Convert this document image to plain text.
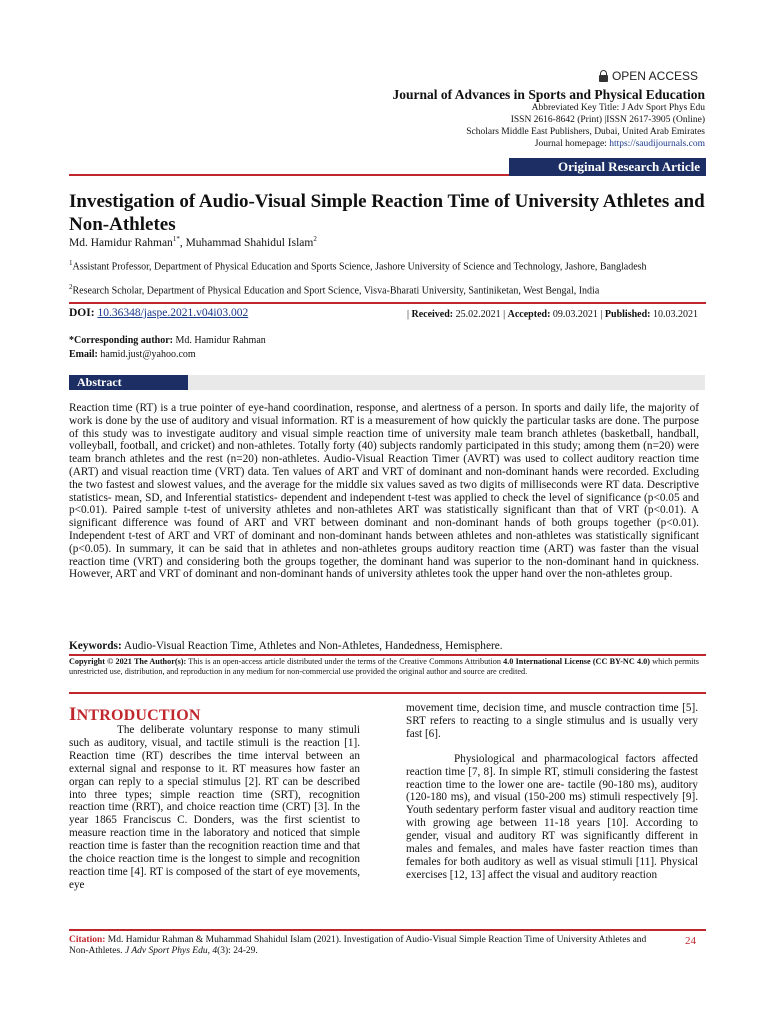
OPEN ACCESS
Journal of Advances in Sports and Physical Education
Abbreviated Key Title: J Adv Sport Phys Edu
ISSN 2616-8642 (Print) |ISSN 2617-3905 (Online)
Scholars Middle East Publishers, Dubai, United Arab Emirates
Journal homepage: https://saudijournals.com
Original Research Article
Investigation of Audio-Visual Simple Reaction Time of University Athletes and Non-Athletes
Md. Hamidur Rahman$^{1*}$, Muhammad Shahidul Islam$^2$
$^1$Assistant Professor, Department of Physical Education and Sports Science, Jashore University of Science and Technology, Jashore, Bangladesh
$^2$Research Scholar, Department of Physical Education and Sport Science, Visva-Bharati University, Santiniketan, West Bengal, India
DOI: 10.36348/jaspe.2021.v04i03.002	| Received: 25.02.2021 | Accepted: 09.03.2021 | Published: 10.03.2021
*Corresponding author: Md. Hamidur Rahman
Email: hamid.just@yahoo.com
Abstract
Reaction time (RT) is a true pointer of eye-hand coordination, response, and alertness of a person. In sports and daily life, the majority of work is done by the use of auditory and visual information. RT is a measurement of how quickly the particular tasks are done. The purpose of this study was to investigate auditory and visual simple reaction time of university male team branch athletes (basketball, handball, volleyball, football, and cricket) and non-athletes. Totally forty (40) subjects randomly participated in this study; among them (n=20) were team branch athletes and the rest (n=20) non-athletes. Audio-Visual Reaction Timer (AVRT) was used to collect auditory reaction time (ART) and visual reaction time (VRT) data. Ten values of ART and VRT of dominant and non-dominant hands were recorded. Excluding the two fastest and slowest values, and the average for the middle six values saved as two digits of milliseconds were RT data. Descriptive statistics- mean, SD, and Inferential statistics- dependent and independent t-test was applied to check the level of significance (p<0.05 and p<0.01). Paired sample t-test of university athletes and non-athletes ART was statistically significant than that of VRT (p<0.01). A significant difference was found of ART and VRT between dominant and non-dominant hands of both groups together (p<0.01). Independent t-test of ART and VRT of dominant and non-dominant hands between athletes and non-athletes was statistically significant (p<0.05). In summary, it can be said that in athletes and non-athletes groups auditory reaction time (ART) was faster than the visual reaction time (VRT) and considering both the groups together, the dominant hand was superior to the non-dominant hand in quickness. However, ART and VRT of dominant and non-dominant hands of university athletes took the upper hand over the non-athletes group.
Keywords: Audio-Visual Reaction Time, Athletes and Non-Athletes, Handedness, Hemisphere.
Copyright © 2021 The Author(s): This is an open-access article distributed under the terms of the Creative Commons Attribution 4.0 International License (CC BY-NC 4.0) which permits unrestricted use, distribution, and reproduction in any medium for non-commercial use provided the original author and source are credited.
INTRODUCTION
The deliberate voluntary response to many stimuli such as auditory, visual, and tactile stimuli is the reaction [1]. Reaction time (RT) describes the time interval between an external signal and response to it. RT measures how faster an organ can reply to a special stimulus [2]. RT can be described into three types; simple reaction time (SRT), recognition reaction time (RRT), and choice reaction time (CRT) [3]. In the year 1865 Franciscus C. Donders, was the first scientist to measure reaction time in the laboratory and noticed that simple reaction time is faster than the recognition reaction time and that the choice reaction time is the longest to simple and recognition reaction time [4]. RT is composed of the start of eye movements, eye
movement time, decision time, and muscle contraction time [5]. SRT refers to reacting to a single stimulus and is usually very fast [6].
Physiological and pharmacological factors affected reaction time [7, 8]. In simple RT, stimuli considering the fastest reaction time to the lower one are- tactile (90-180 ms), auditory (120-180 ms), and visual (150-200 ms) stimuli respectively [9]. Youth sedentary perform faster visual and auditory reaction time with growing age between 11-18 years [10]. According to gender, visual and auditory RT was significantly different in males and females, and males have faster reaction times than females for both auditory as well as visual stimuli [11]. Physical exercises [12, 13] affect the visual and auditory reaction
Citation: Md. Hamidur Rahman & Muhammad Shahidul Islam (2021). Investigation of Audio-Visual Simple Reaction Time of University Athletes and Non-Athletes. J Adv Sport Phys Edu, 4(3): 24-29.
24
